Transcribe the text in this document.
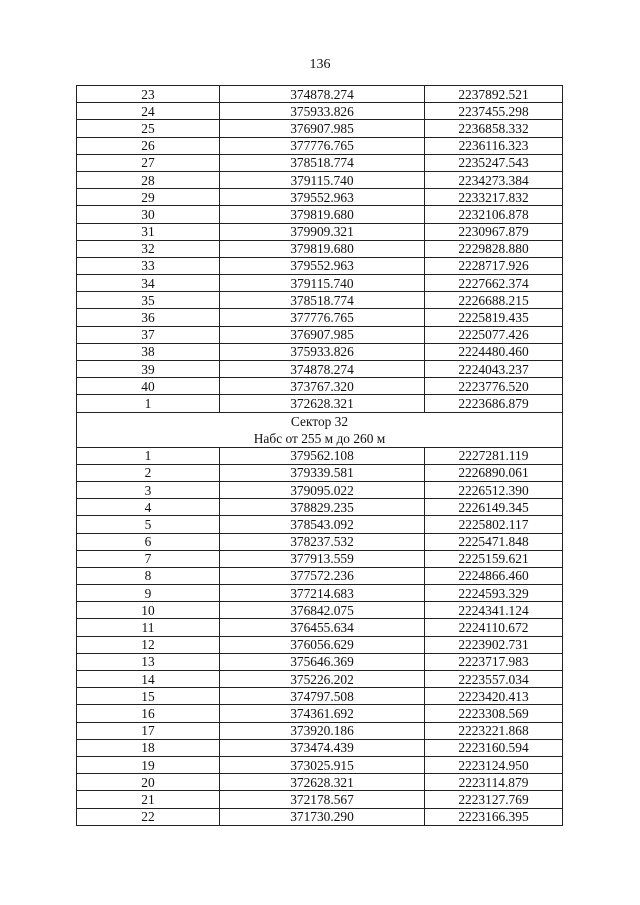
136
23	374878.274	2237892.521
24	375933.826	2237455.298
25	376907.985	2236858.332
26	377776.765	2236116.323
27	378518.774	2235247.543
28	379115.740	2234273.384
29	379552.963	2233217.832
30	379819.680	2232106.878
31	379909.321	2230967.879
32	379819.680	2229828.880
33	379552.963	2228717.926
34	379115.740	2227662.374
35	378518.774	2226688.215
36	377776.765	2225819.435
37	376907.985	2225077.426
38	375933.826	2224480.460
39	374878.274	2224043.237
40	373767.320	2223776.520
1	372628.321	2223686.879

Сектор 32
Набс от 255 м до 260 м		

1	379562.108	2227281.119
2	379339.581	2226890.061
3	379095.022	2226512.390
4	378829.235	2226149.345
5	378543.092	2225802.117
6	378237.532	2225471.848
7	377913.559	2225159.621
8	377572.236	2224866.460
9	377214.683	2224593.329
10	376842.075	2224341.124
11	376455.634	2224110.672
12	376056.629	2223902.731
13	375646.369	2223717.983
14	375226.202	2223557.034
15	374797.508	2223420.413
16	374361.692	2223308.569
17	373920.186	2223221.868
18	373474.439	2223160.594
19	373025.915	2223124.950
20	372628.321	2223114.879
21	372178.567	2223127.769
22	371730.290	2223166.395
